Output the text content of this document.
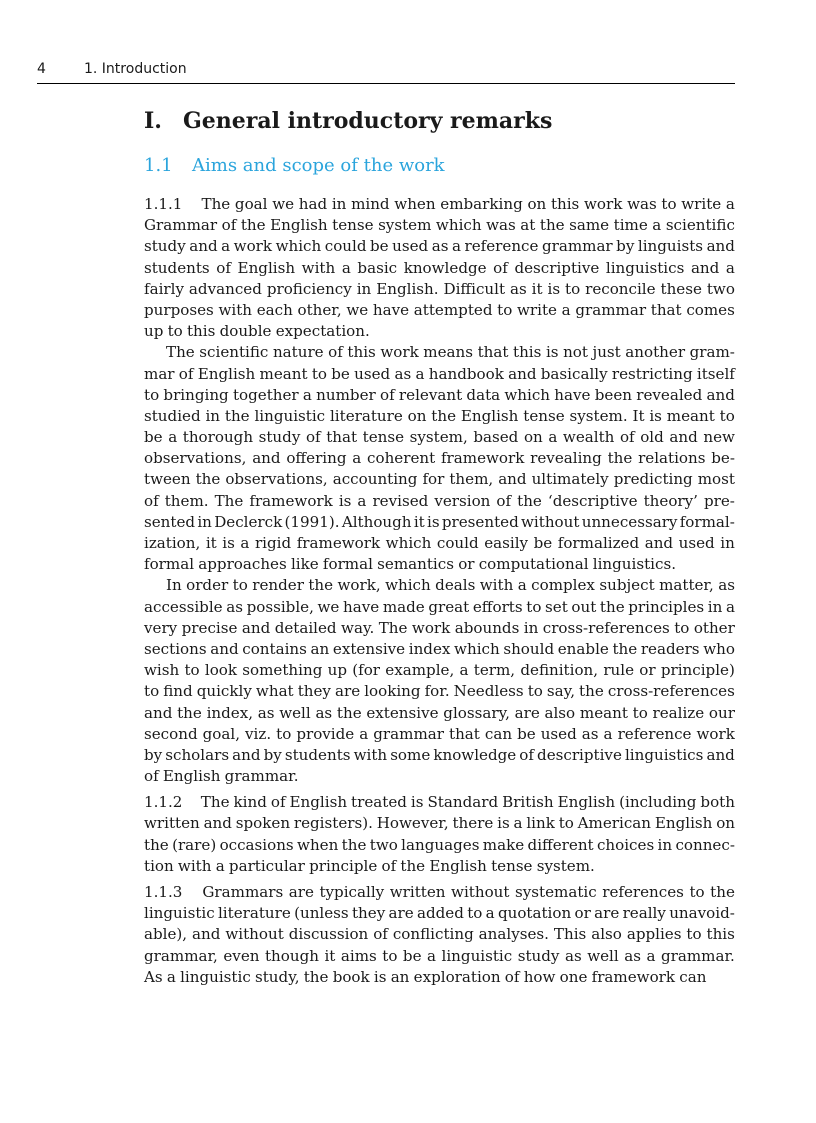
4	1. Introduction
I. General introductory remarks
1.1 Aims and scope of the work
1.1.1 The goal we had in mind when embarking on this work was to write a
Grammar of the English tense system which was at the same time a scientific
study and a work which could be used as a reference grammar by linguists and
students of English with a basic knowledge of descriptive linguistics and a
fairly advanced proficiency in English. Difficult as it is to reconcile these two
purposes with each other, we have attempted to write a grammar that comes
up to this double expectation.
The scientific nature of this work means that this is not just another gram-
mar of English meant to be used as a handbook and basically restricting itself
to bringing together a number of relevant data which have been revealed and
studied in the linguistic literature on the English tense system. It is meant to
be a thorough study of that tense system, based on a wealth of old and new
observations, and offering a coherent framework revealing the relations be-
tween the observations, accounting for them, and ultimately predicting most
of them. The framework is a revised version of the ‘descriptive theory’ pre-
sented in Declerck (1991). Although it is presented without unnecessary formal-
ization, it is a rigid framework which could easily be formalized and used in
formal approaches like formal semantics or computational linguistics.
In order to render the work, which deals with a complex subject matter, as
accessible as possible, we have made great efforts to set out the principles in a
very precise and detailed way. The work abounds in cross-references to other
sections and contains an extensive index which should enable the readers who
wish to look something up (for example, a term, definition, rule or principle)
to find quickly what they are looking for. Needless to say, the cross-references
and the index, as well as the extensive glossary, are also meant to realize our
second goal, viz. to provide a grammar that can be used as a reference work
by scholars and by students with some knowledge of descriptive linguistics and
of English grammar.
1.1.2 The kind of English treated is Standard British English (including both
written and spoken registers). However, there is a link to American English on
the (rare) occasions when the two languages make different choices in connec-
tion with a particular principle of the English tense system.
1.1.3 Grammars are typically written without systematic references to the
linguistic literature (unless they are added to a quotation or are really unavoid-
able), and without discussion of conflicting analyses. This also applies to this
grammar, even though it aims to be a linguistic study as well as a grammar.
As a linguistic study, the book is an exploration of how one framework can
